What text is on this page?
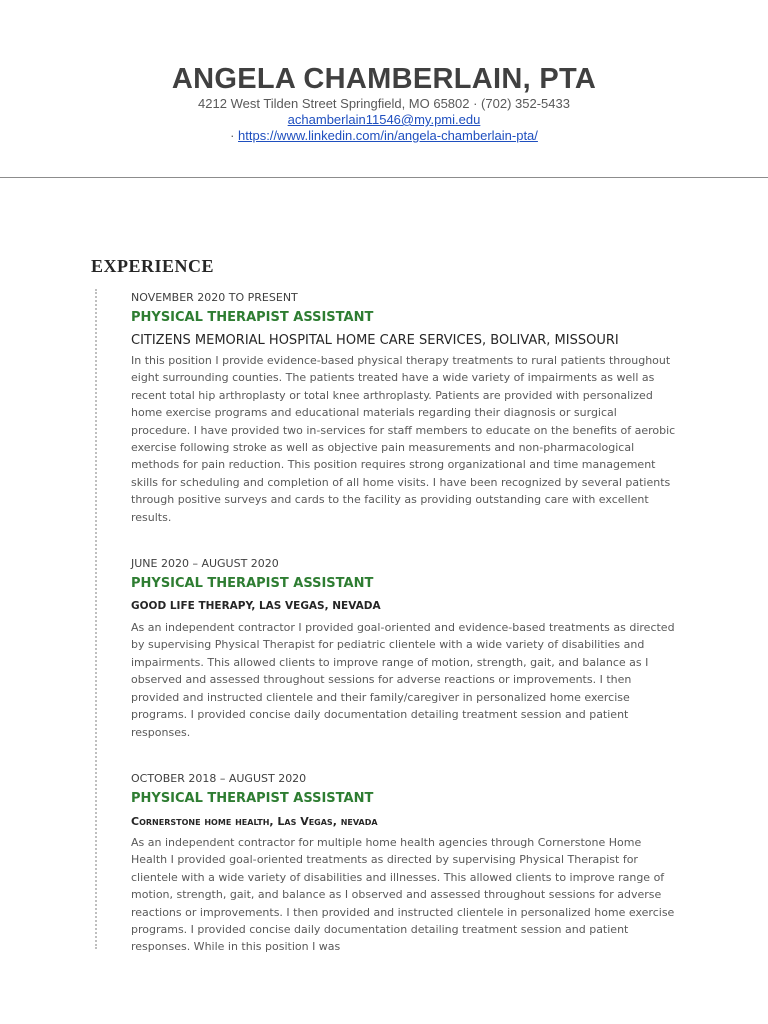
ANGELA CHAMBERLAIN, PTA
4212 West Tilden Street Springfield, MO 65802 · (702) 352-5433
achamberlain11546@my.pmi.edu
· https://www.linkedin.com/in/angela-chamberlain-pta/
EXPERIENCE

NOVEMBER 2020 TO PRESENT

PHYSICAL THERAPIST ASSISTANT

CITIZENS MEMORIAL HOSPITAL HOME CARE SERVICES, BOLIVAR, MISSOURI

In this position I provide evidence-based physical therapy treatments to rural patients throughout eight surrounding counties. The patients treated have a wide variety of impairments as well as recent total hip arthroplasty or total knee arthroplasty. Patients are provided with personalized home exercise programs and educational materials regarding their diagnosis or surgical procedure. I have provided two in-services for staff members to educate on the benefits of aerobic exercise following stroke as well as objective pain measurements and non-pharmacological methods for pain reduction. This position requires strong organizational and time management skills for scheduling and completion of all home visits. I have been recognized by several patients through positive surveys and cards to the facility as providing outstanding care with excellent results.

JUNE 2020 – AUGUST 2020

PHYSICAL THERAPIST ASSISTANT

GOOD LIFE THERAPY, LAS VEGAS, NEVADA

As an independent contractor I provided goal-oriented and evidence-based treatments as directed by supervising Physical Therapist for pediatric clientele with a wide variety of disabilities and impairments. This allowed clients to improve range of motion, strength, gait, and balance as I observed and assessed throughout sessions for adverse reactions or improvements. I then provided and instructed clientele and their family/caregiver in personalized home exercise programs. I provided concise daily documentation detailing treatment session and patient responses.

OCTOBER 2018 – AUGUST 2020

PHYSICAL THERAPIST ASSISTANT

Cornerstone home health, Las Vegas, nevada

As an independent contractor for multiple home health agencies through Cornerstone Home Health I provided goal-oriented treatments as directed by supervising Physical Therapist for clientele with a wide variety of disabilities and illnesses. This allowed clients to improve range of motion, strength, gait, and balance as I observed and assessed throughout sessions for adverse reactions or improvements. I then provided and instructed clientele in personalized home exercise programs. I provided concise daily documentation detailing treatment session and patient responses. While in this position I was
